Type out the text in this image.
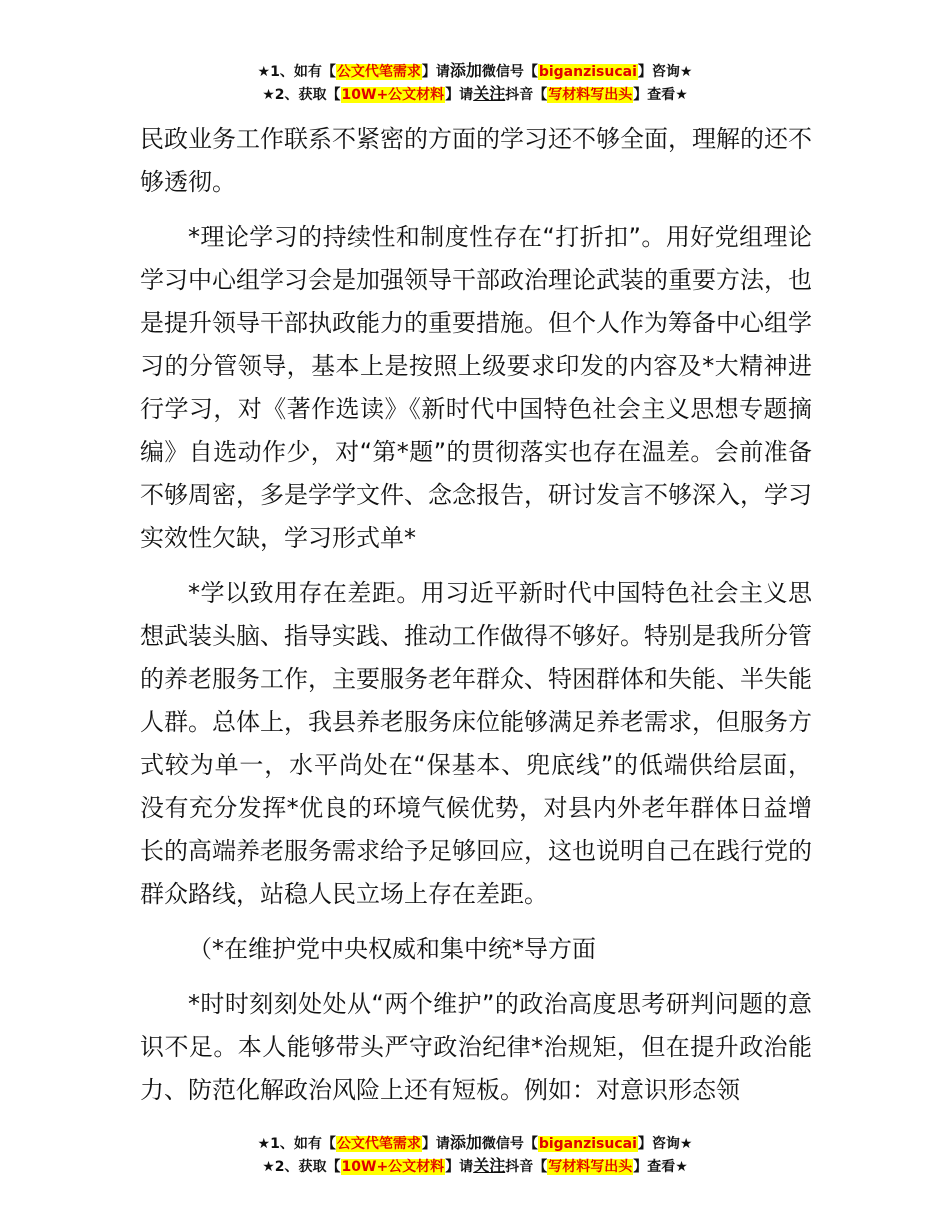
★1、如有【公文代笔需求】请添加微信号【biganzisucai】咨询★
★2、获取【10W+公文材料】请关注抖音【写材料写出头】查看★

民政业务工作联系不紧密的方面的学习还不够全面，理解的还不够透彻。

*理论学习的持续性和制度性存在“打折扣”。用好党组理论学习中心组学习会是加强领导干部政治理论武装的重要方法，也是提升领导干部执政能力的重要措施。但个人作为筹备中心组学习的分管领导，基本上是按照上级要求印发的内容及*大精神进行学习，对《著作选读》《新时代中国特色社会主义思想专题摘编》自选动作少，对“第*题”的贯彻落实也存在温差。会前准备不够周密，多是学学文件、念念报告，研讨发言不够深入，学习实效性欠缺，学习形式单*

*学以致用存在差距。用习近平新时代中国特色社会主义思想武装头脑、指导实践、推动工作做得不够好。特别是我所分管的养老服务工作，主要服务老年群众、特困群体和失能、半失能人群。总体上，我县养老服务床位能够满足养老需求，但服务方式较为单一，水平尚处在“保基本、兜底线”的低端供给层面，没有充分发挥*优良的环境气候优势，对县内外老年群体日益增长的高端养老服务需求给予足够回应，这也说明自己在践行党的群众路线，站稳人民立场上存在差距。

（*在维护党中央权威和集中统*导方面

*时时刻刻处处从“两个维护”的政治高度思考研判问题的意识不足。本人能够带头严守政治纪律*治规矩，但在提升政治能力、防范化解政治风险上还有短板。例如：对意识形态领

★1、如有【公文代笔需求】请添加微信号【biganzisucai】咨询★
★2、获取【10W+公文材料】请关注抖音【写材料写出头】查看★
